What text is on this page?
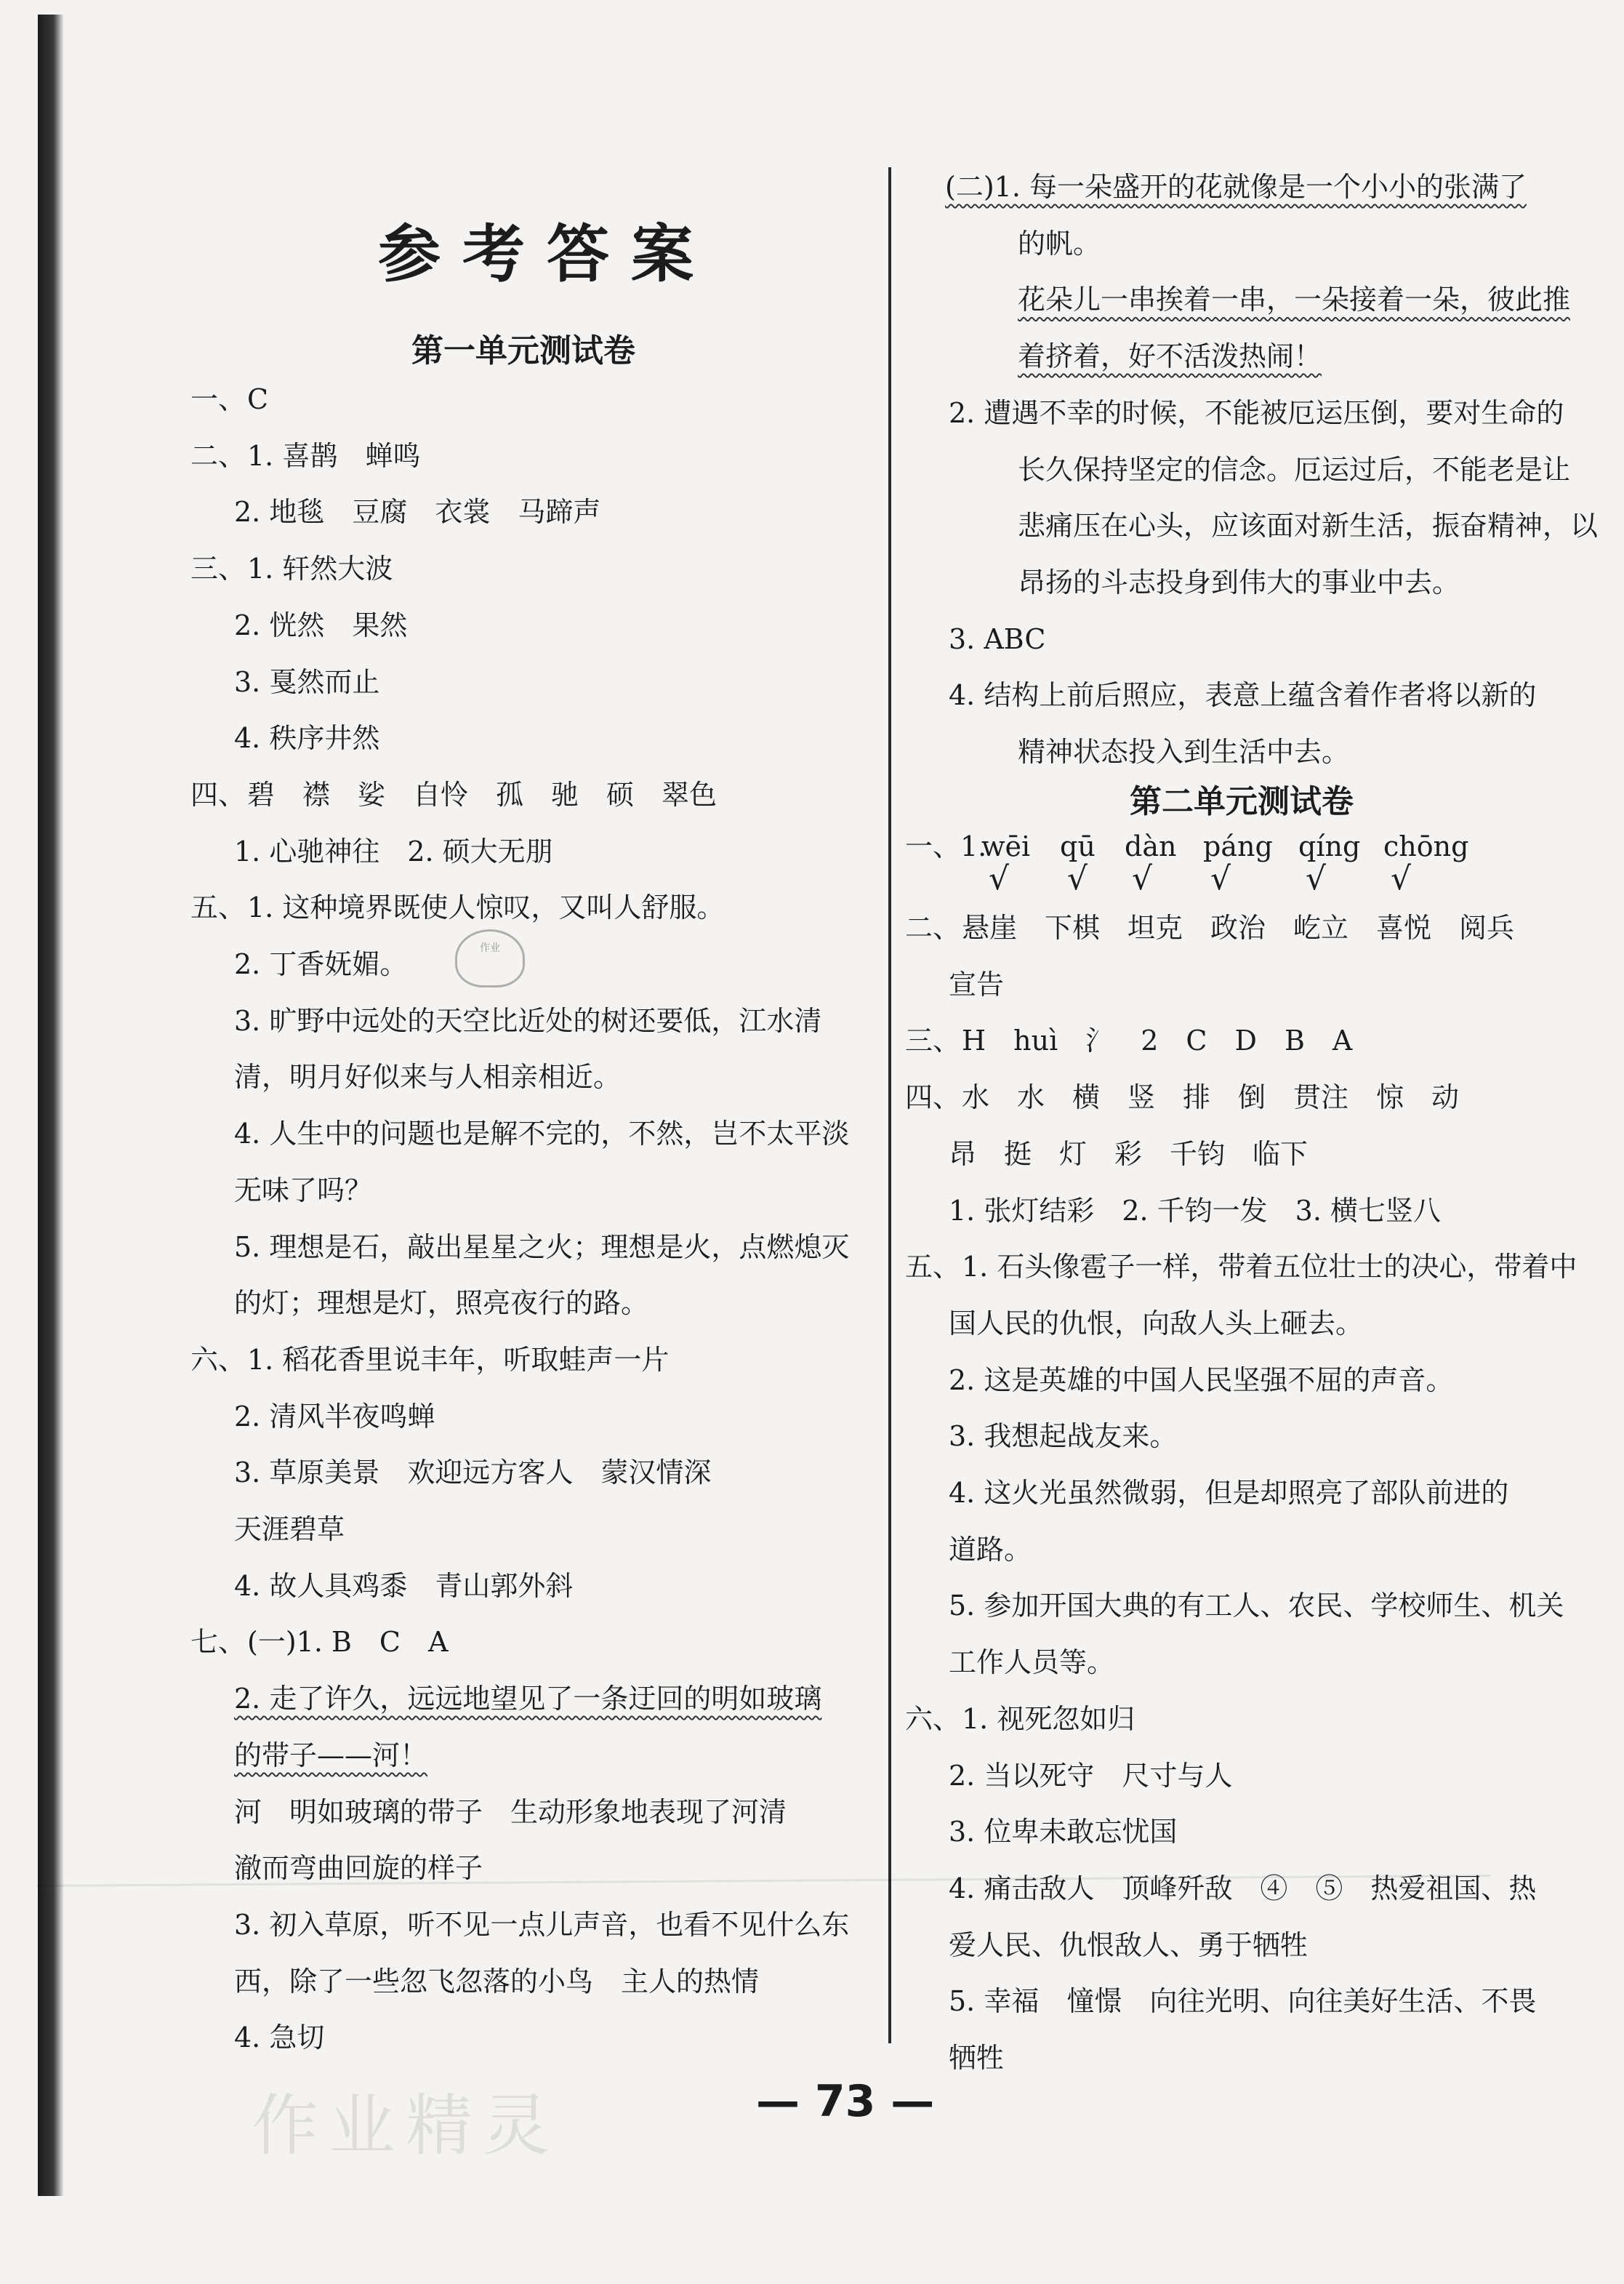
参考答案
第一单元测试卷
一、C
二、1. 喜鹊　蝉鸣
2. 地毯　豆腐　衣裳　马蹄声
三、1. 轩然大波
2. 恍然　果然
3. 戛然而止
4. 秩序井然
四、碧　襟　娑　自怜　孤　驰　硕　翠色
1. 心驰神往　2. 硕大无朋
五、1. 这种境界既使人惊叹，又叫人舒服。
2. 丁香妩媚。
3. 旷野中远处的天空比近处的树还要低，江水清
清，明月好似来与人相亲相近。
4. 人生中的问题也是解不完的，不然，岂不太平淡
无味了吗？
5. 理想是石，敲出星星之火；理想是火，点燃熄灭
的灯；理想是灯，照亮夜行的路。
六、1. 稻花香里说丰年，听取蛙声一片
2. 清风半夜鸣蝉
3. 草原美景　欢迎远方客人　蒙汉情深
天涯碧草
4. 故人具鸡黍　青山郭外斜
七、(一)1. B　C　A
2. 走了许久，远远地望见了一条迂回的明如玻璃
的带子——河！
河　明如玻璃的带子　生动形象地表现了河清
澈而弯曲回旋的样子
3. 初入草原，听不见一点儿声音，也看不见什么东
西，除了一些忽飞忽落的小鸟　主人的热情
4. 急切
(二)1. 每一朵盛开的花就像是一个小小的张满了
的帆。
花朵儿一串挨着一串，一朵接着一朵，彼此推
着挤着，好不活泼热闹！
2. 遭遇不幸的时候，不能被厄运压倒，要对生命的
长久保持坚定的信念。厄运过后，不能老是让
悲痛压在心头，应该面对新生活，振奋精神，以
昂扬的斗志投身到伟大的事业中去。
3. ABC
4. 结构上前后照应，表意上蕴含着作者将以新的
精神状态投入到生活中去。
第二单元测试卷
一、1.
wēi
√
qū
√
dàn
√
páng
√
qíng
√
chōng
√
二、悬崖　下棋　坦克　政治　屹立　喜悦　阅兵
宣告
三、H　huì　氵　2　C　D　B　A
四、水　水　横　竖　排　倒　贯注　惊　动
昂　挺　灯　彩　千钧　临下
1. 张灯结彩　2. 千钧一发　3. 横七竖八
五、1. 石头像雹子一样，带着五位壮士的决心，带着中
国人民的仇恨，向敌人头上砸去。
2. 这是英雄的中国人民坚强不屈的声音。
3. 我想起战友来。
4. 这火光虽然微弱，但是却照亮了部队前进的
道路。
5. 参加开国大典的有工人、农民、学校师生、机关
工作人员等。
六、1. 视死忽如归
2. 当以死守　尺寸与人
3. 位卑未敢忘忧国
4. 痛击敌人　顶峰歼敌　④　⑤　热爱祖国、热
爱人民、仇恨敌人、勇于牺牲
5. 幸福　憧憬　向往光明、向往美好生活、不畏
牺牲
作业
作业精灵	— 73 —
